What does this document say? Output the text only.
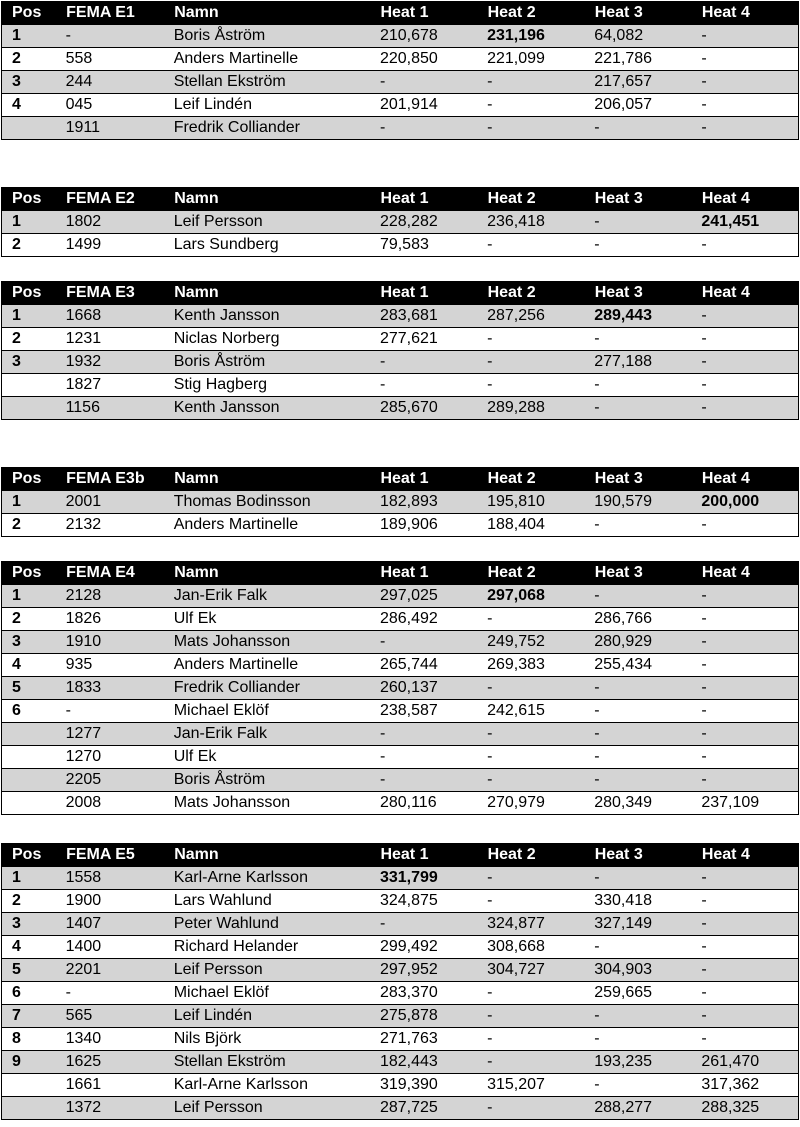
Pos	FEMA E1	Namn	Heat 1	Heat 2	Heat 3	Heat 4
1	-	Boris Åström	210,678	231,196	64,082	-
2	558	Anders Martinelle	220,850	221,099	221,786	-
3	244	Stellan Ekström	-	-	217,657	-
4	045	Leif Lindén	201,914	-	206,057	-
	1911	Fredrik Colliander	-	-	-	-
Pos	FEMA E2	Namn	Heat 1	Heat 2	Heat 3	Heat 4
1	1802	Leif Persson	228,282	236,418	-	241,451
2	1499	Lars Sundberg	79,583	-	-	-
Pos	FEMA E3	Namn	Heat 1	Heat 2	Heat 3	Heat 4
1	1668	Kenth Jansson	283,681	287,256	289,443	-
2	1231	Niclas Norberg	277,621	-	-	-
3	1932	Boris Åström	-	-	277,188	-
	1827	Stig Hagberg	-	-	-	-
	1156	Kenth Jansson	285,670	289,288	-	-
Pos	FEMA E3b	Namn	Heat 1	Heat 2	Heat 3	Heat 4
1	2001	Thomas Bodinsson	182,893	195,810	190,579	200,000
2	2132	Anders Martinelle	189,906	188,404	-	-
Pos	FEMA E4	Namn	Heat 1	Heat 2	Heat 3	Heat 4
1	2128	Jan-Erik Falk	297,025	297,068	-	-
2	1826	Ulf Ek	286,492	-	286,766	-
3	1910	Mats Johansson	-	249,752	280,929	-
4	935	Anders Martinelle	265,744	269,383	255,434	-
5	1833	Fredrik Colliander	260,137	-	-	-
6	-	Michael Eklöf	238,587	242,615	-	-
	1277	Jan-Erik Falk	-	-	-	-
	1270	Ulf Ek	-	-	-	-
	2205	Boris Åström	-	-	-	-
	2008	Mats Johansson	280,116	270,979	280,349	237,109
Pos	FEMA E5	Namn	Heat 1	Heat 2	Heat 3	Heat 4
1	1558	Karl-Arne Karlsson	331,799	-	-	-
2	1900	Lars Wahlund	324,875	-	330,418	-
3	1407	Peter Wahlund	-	324,877	327,149	-
4	1400	Richard Helander	299,492	308,668	-	-
5	2201	Leif Persson	297,952	304,727	304,903	-
6	-	Michael Eklöf	283,370	-	259,665	-
7	565	Leif Lindén	275,878	-	-	-
8	1340	Nils Björk	271,763	-	-	-
9	1625	Stellan Ekström	182,443	-	193,235	261,470
	1661	Karl-Arne Karlsson	319,390	315,207	-	317,362
	1372	Leif Persson	287,725	-	288,277	288,325
